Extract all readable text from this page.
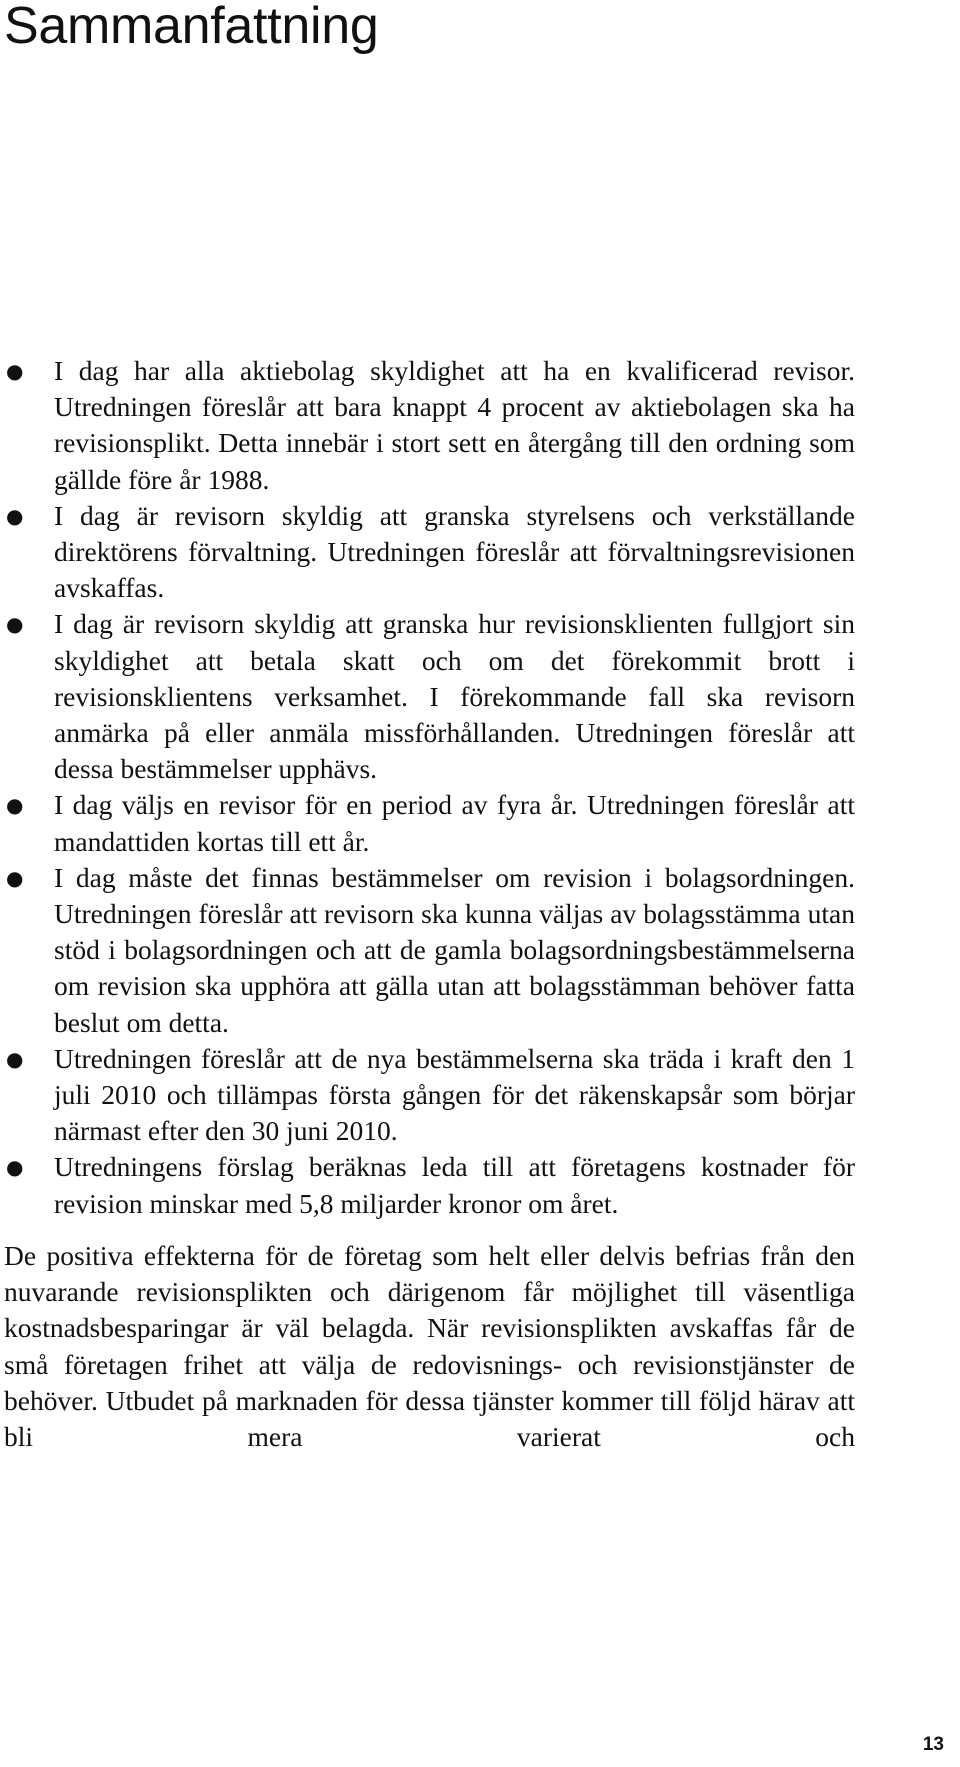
Sammanfattning
● I dag har alla aktiebolag skyldighet att ha en kvalificerad revisor. Utredningen föreslår att bara knappt 4 procent av aktiebolagen ska ha revisionsplikt. Detta innebär i stort sett en återgång till den ordning som gällde före år 1988.
● I dag är revisorn skyldig att granska styrelsens och verkställande direktörens förvaltning. Utredningen föreslår att förvaltningsrevisionen avskaffas.
● I dag är revisorn skyldig att granska hur revisionsklienten fullgjort sin skyldighet att betala skatt och om det förekommit brott i revisionsklientens verksamhet. I förekommande fall ska revisorn anmärka på eller anmäla missförhållanden. Utredningen föreslår att dessa bestämmelser upphävs.
● I dag väljs en revisor för en period av fyra år. Utredningen föreslår att mandattiden kortas till ett år.
● I dag måste det finnas bestämmelser om revision i bolagsordningen. Utredningen föreslår att revisorn ska kunna väljas av bolagsstämma utan stöd i bolagsordningen och att de gamla bolagsordningsbestämmelserna om revision ska upphöra att gälla utan att bolagsstämman behöver fatta beslut om detta.
● Utredningen föreslår att de nya bestämmelserna ska träda i kraft den 1 juli 2010 och tillämpas första gången för det räkenskapsår som börjar närmast efter den 30 juni 2010.
● Utredningens förslag beräknas leda till att företagens kostnader för revision minskar med 5,8 miljarder kronor om året.

De positiva effekterna för de företag som helt eller delvis befrias från den nuvarande revisionsplikten och därigenom får möjlighet till väsentliga kostnadsbesparingar är väl belagda. När revisionsplikten avskaffas får de små företagen frihet att välja de redovisnings- och revisionstjänster de behöver. Utbudet på marknaden för dessa tjänster kommer till följd härav att bli mera varierat och

13
